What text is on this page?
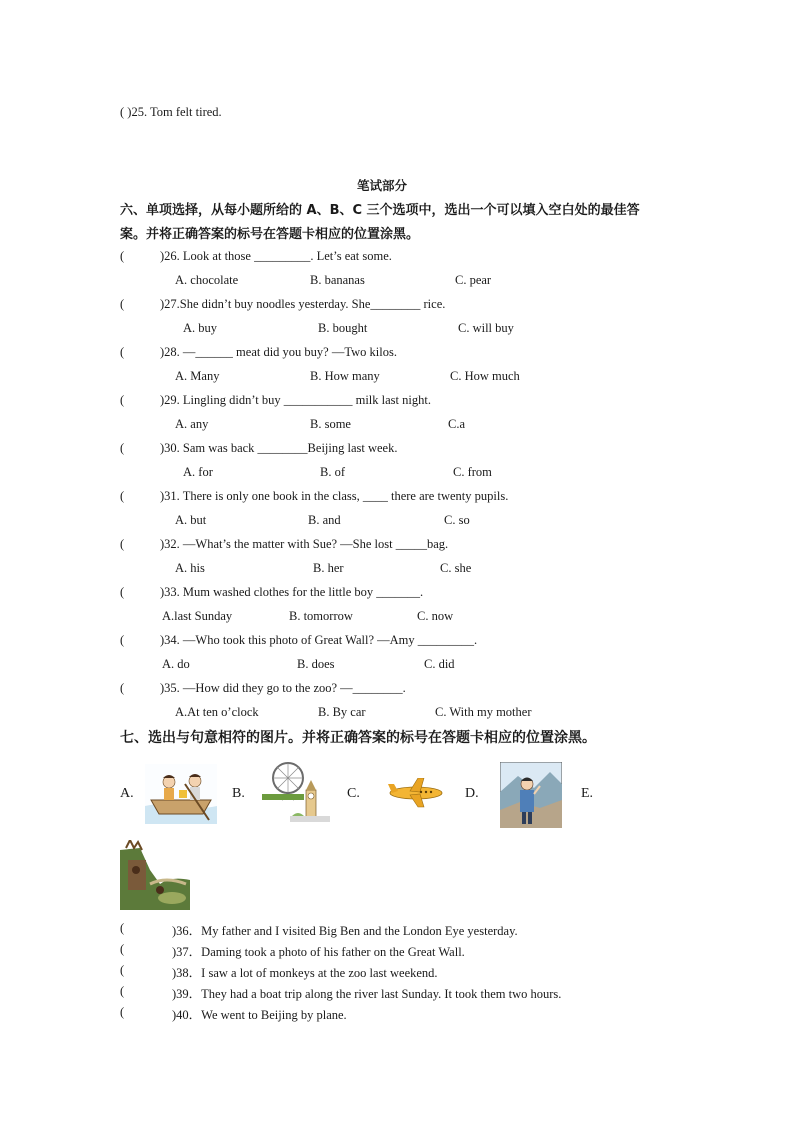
( )25. Tom felt tired.
笔试部分
六、单项选择，从每小题所给的 A、B、C 三个选项中，选出一个可以填入空白处的最佳答
案。并将正确答案的标号在答题卡相应的位置涂黑。
(	)26. Look at those _________. Let’s eat some.
A. chocolate	B. bananas	C. pear
(	)27.She didn’t buy noodles yesterday. She________ rice.
A. buy	B. bought	C. will buy
(	)28. —______ meat did you buy? —Two kilos.
A. Many	B. How many	C. How much
(	)29. Lingling didn’t buy ___________ milk last night.
A. any	B. some	C.a
(	)30. Sam was back ________Beijing last week.
A. for	B. of	C. from
(	)31. There is only one book in the class, ____ there are twenty pupils.
A. but	B. and	C. so
(	)32. —What’s the matter with Sue? —She lost _____bag.
A. his	B. her	C. she
(	)33. Mum washed clothes for the little boy _______.
A.last Sunday	B. tomorrow	C. now
(	)34. —Who took this photo of Great Wall? —Amy _________.
A. do	B. does	C. did
(	)35. —How did they go to the zoo? —________.
A.At ten o’clock	B. By car	C. With my mother
七、选出与句意相符的图片。并将正确答案的标号在答题卡相应的位置涂黑。
A.	B.	C.	D.	E.
(	)36．My father and I visited Big Ben and the London Eye yesterday.
(	)37．Daming took a photo of his father on the Great Wall.
(	)38．I saw a lot of monkeys at the zoo last weekend.
(	)39．They had a boat trip along the river last Sunday. It took them two hours.
(	)40．We went to Beijing by plane.
